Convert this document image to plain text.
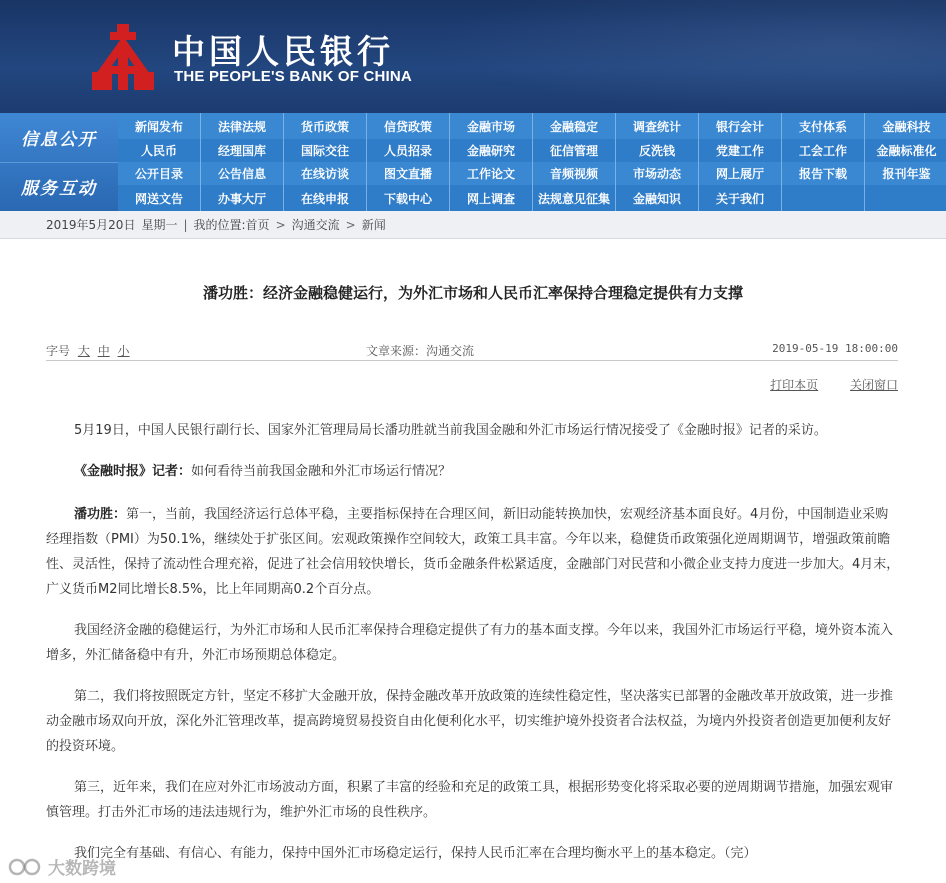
中国人民银行
THE PEOPLE'S BANK OF CHINA
信息公开
服务互动
新闻发布	法律法规	货币政策	信贷政策	金融市场	金融稳定	调查统计	银行会计	支付体系	金融科技
人民币	经理国库	国际交往	人员招录	金融研究	征信管理	反洗钱	党建工作	工会工作	金融标准化
公开目录	公告信息	在线访谈	图文直播	工作论文	音频视频	市场动态	网上展厅	报告下载	报刊年鉴
网送文告	办事大厅	在线申报	下载中心	网上调查	法规意见征集	金融知识	关于我们
2019年5月20日 星期一 | 我的位置:首页 > 沟通交流 > 新闻
潘功胜：经济金融稳健运行，为外汇市场和人民币汇率保持合理稳定提供有力支撑
字号 大 中 小	文章来源：沟通交流	2019-05-19 18:00:00
打印本页	关闭窗口

5月19日，中国人民银行副行长、国家外汇管理局局长潘功胜就当前我国金融和外汇市场运行情况接受了《金融时报》记者的采访。

《金融时报》记者：如何看待当前我国金融和外汇市场运行情况？

潘功胜：第一，当前，我国经济运行总体平稳，主要指标保持在合理区间，新旧动能转换加快，宏观经济基本面良好。4月份，中国制造业采购经理指数（PMI）为50.1%，继续处于扩张区间。宏观政策操作空间较大，政策工具丰富。今年以来，稳健货币政策强化逆周期调节，增强政策前瞻性、灵活性，保持了流动性合理充裕，促进了社会信用较快增长，货币金融条件松紧适度，金融部门对民营和小微企业支持力度进一步加大。4月末，广义货币M2同比增长8.5%，比上年同期高0.2个百分点。

我国经济金融的稳健运行，为外汇市场和人民币汇率保持合理稳定提供了有力的基本面支撑。今年以来，我国外汇市场运行平稳，境外资本流入增多，外汇储备稳中有升，外汇市场预期总体稳定。

第二，我们将按照既定方针，坚定不移扩大金融开放，保持金融改革开放政策的连续性稳定性，坚决落实已部署的金融改革开放政策，进一步推动金融市场双向开放，深化外汇管理改革，提高跨境贸易投资自由化便利化水平，切实维护境外投资者合法权益，为境内外投资者创造更加便利友好的投资环境。

第三，近年来，我们在应对外汇市场波动方面，积累了丰富的经验和充足的政策工具，根据形势变化将采取必要的逆周期调节措施，加强宏观审慎管理。打击外汇市场的违法违规行为，维护外汇市场的良性秩序。

我们完全有基础、有信心、有能力，保持中国外汇市场稳定运行，保持人民币汇率在合理均衡水平上的基本稳定。（完）

大数跨境
